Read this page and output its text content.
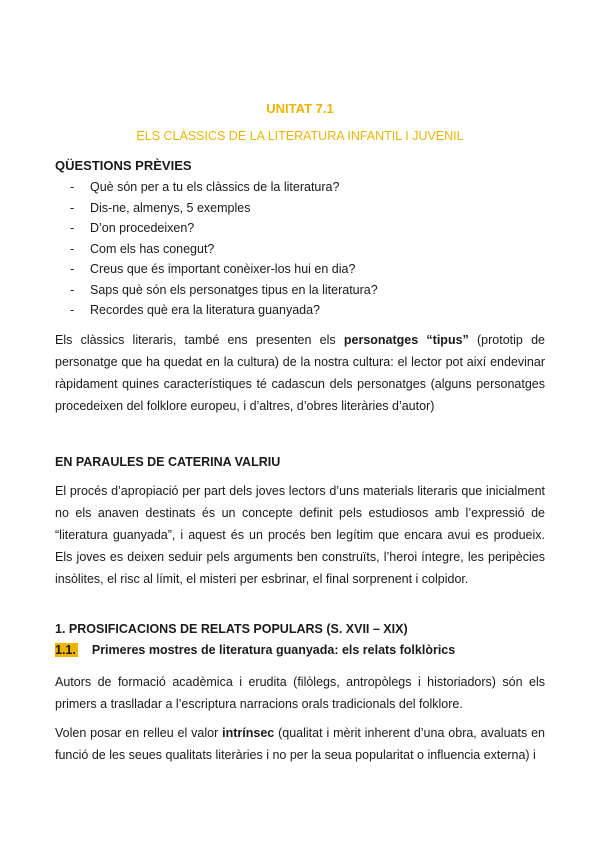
UNITAT 7.1
ELS CLÀSSICS DE LA LITERATURA INFANTIL I JUVENIL
QÜESTIONS PRÈVIES
- Què són per a tu els clàssics de la literatura?
- Dis-ne, almenys, 5 exemples
- D’on procedeixen?
- Com els has conegut?
- Creus que és important conèixer-los hui en dia?
- Saps què són els personatges tipus en la literatura?
- Recordes què era la literatura guanyada?

Els clàssics literaris, també ens presenten els personatges “tipus” (prototip de personatge que ha quedat en la cultura) de la nostra cultura: el lector pot així endevinar ràpidament quines característiques té cadascun dels personatges (alguns personatges procedeixen del folklore europeu, i d’altres, d’obres literàries d’autor)

EN PARAULES DE CATERINA VALRIU

El procés d’apropiació per part dels joves lectors d’uns materials literaris que inicialment no els anaven destinats és un concepte definit pels estudiosos amb l’expressió de “literatura guanyada”, i aquest és un procés ben legítim que encara avui es produeix. Els joves es deixen seduir pels arguments ben construïts, l’heroi íntegre, les peripècies insòlites, el risc al límit, el misteri per esbrinar, el final sorprenent i colpidor.

1. PROSIFICACIONS DE RELATS POPULARS (S. XVII – XIX)
1.1. Primeres mostres de literatura guanyada: els relats folklòrics

Autors de formació acadèmica i erudita (filòlegs, antropòlegs i historiadors) són els primers a traslladar a l’escriptura narracions orals tradicionals del folklore.

Volen posar en relleu el valor intrínsec (qualitat i mèrit inherent d’una obra, avaluats en funció de les seues qualitats literàries i no per la seua popularitat o influencia externa) i
